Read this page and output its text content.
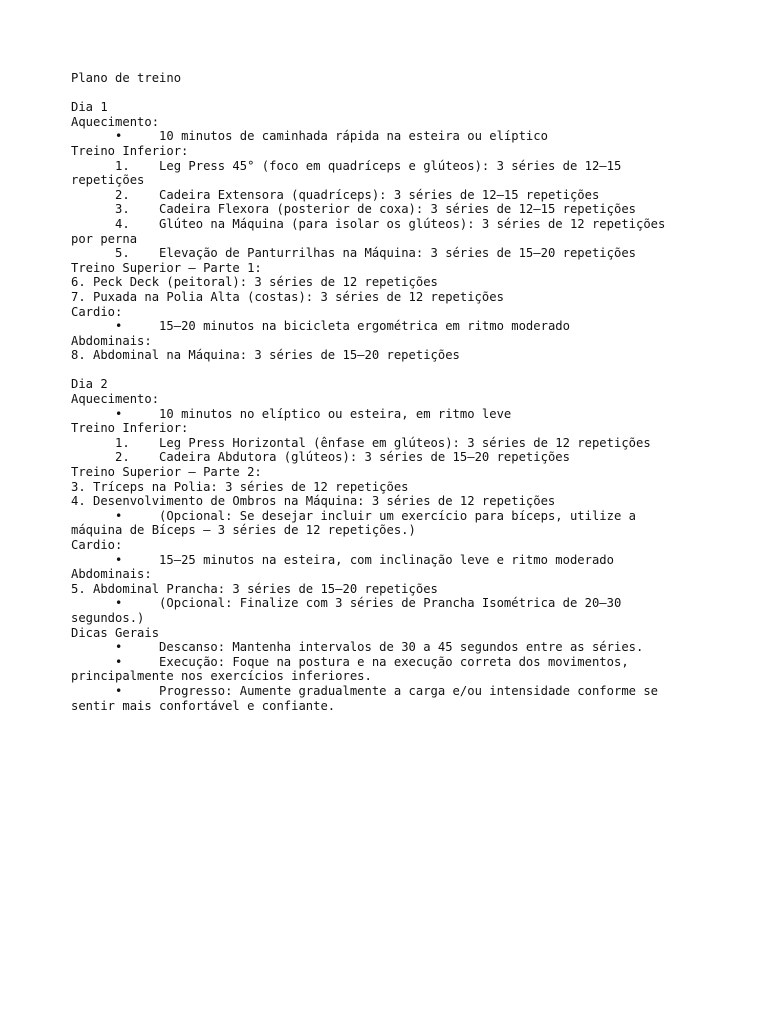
Plano de treino
Dia 1
Aquecimento:
•     10 minutos de caminhada rápida na esteira ou elíptico
Treino Inferior:
1.    Leg Press 45° (foco em quadríceps e glúteos): 3 séries de 12–15
repetições
2.    Cadeira Extensora (quadríceps): 3 séries de 12–15 repetições
3.    Cadeira Flexora (posterior de coxa): 3 séries de 12–15 repetições
4.    Glúteo na Máquina (para isolar os glúteos): 3 séries de 12 repetições
por perna
5.    Elevação de Panturrilhas na Máquina: 3 séries de 15–20 repetições
Treino Superior – Parte 1:
6. Peck Deck (peitoral): 3 séries de 12 repetições
7. Puxada na Polia Alta (costas): 3 séries de 12 repetições
Cardio:
•     15–20 minutos na bicicleta ergométrica em ritmo moderado
Abdominais:
8. Abdominal na Máquina: 3 séries de 15–20 repetições
Dia 2
Aquecimento:
•     10 minutos no elíptico ou esteira, em ritmo leve
Treino Inferior:
1.    Leg Press Horizontal (ênfase em glúteos): 3 séries de 12 repetições
2.    Cadeira Abdutora (glúteos): 3 séries de 15–20 repetições
Treino Superior – Parte 2:
3. Tríceps na Polia: 3 séries de 12 repetições
4. Desenvolvimento de Ombros na Máquina: 3 séries de 12 repetições
•     (Opcional: Se desejar incluir um exercício para bíceps, utilize a
máquina de Bíceps – 3 séries de 12 repetições.)
Cardio:
•     15–25 minutos na esteira, com inclinação leve e ritmo moderado
Abdominais:
5. Abdominal Prancha: 3 séries de 15–20 repetições
•     (Opcional: Finalize com 3 séries de Prancha Isométrica de 20–30
segundos.)
Dicas Gerais
•     Descanso: Mantenha intervalos de 30 a 45 segundos entre as séries.
•     Execução: Foque na postura e na execução correta dos movimentos,
principalmente nos exercícios inferiores.
•     Progresso: Aumente gradualmente a carga e/ou intensidade conforme se
sentir mais confortável e confiante.
